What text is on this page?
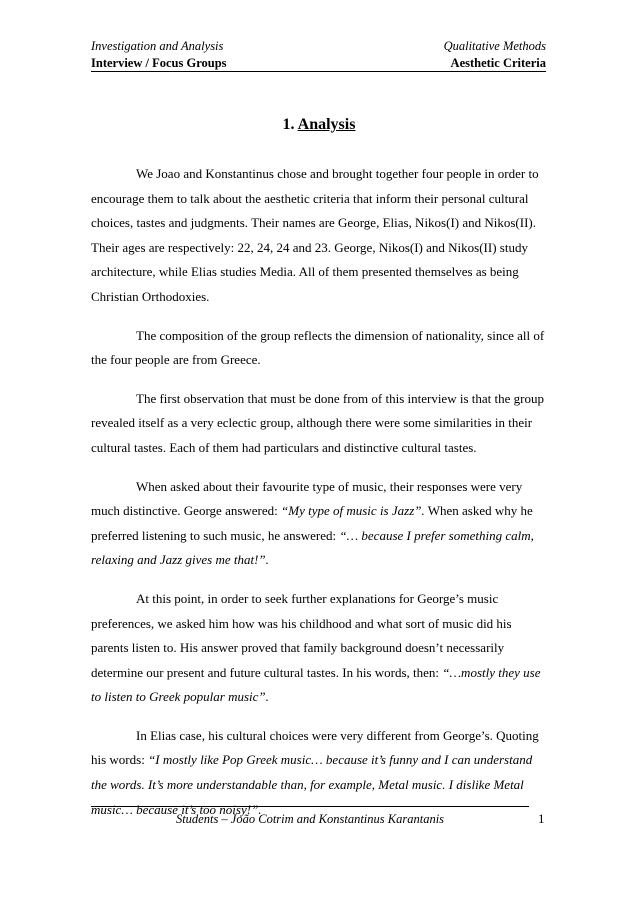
Investigation and Analysis	Qualitative Methods
Interview / Focus Groups	Aesthetic Criteria
1. Analysis

We Joao and Konstantinus chose and brought together four people in order to encourage them to talk about the aesthetic criteria that inform their personal cultural choices, tastes and judgments. Their names are George, Elias, Nikos(I) and Nikos(II). Their ages are respectively: 22, 24, 24 and 23. George, Nikos(I) and Nikos(II) study architecture, while Elias studies Media. All of them presented themselves as being Christian Orthodoxies.

The composition of the group reflects the dimension of nationality, since all of the four people are from Greece.

The first observation that must be done from of this interview is that the group revealed itself as a very eclectic group, although there were some similarities in their cultural tastes. Each of them had particulars and distinctive cultural tastes.

When asked about their favourite type of music, their responses were very much distinctive. George answered: “My type of music is Jazz”. When asked why he preferred listening to such music, he answered: “… because I prefer something calm, relaxing and Jazz gives me that!”.

At this point, in order to seek further explanations for George’s music preferences, we asked him how was his childhood and what sort of music did his parents listen to. His answer proved that family background doesn’t necessarily determine our present and future cultural tastes. In his words, then: “…mostly they use to listen to Greek popular music”.

In Elias case, his cultural choices were very different from George’s. Quoting his words: “I mostly like Pop Greek music… because it’s funny and I can understand the words. It’s more understandable than, for example, Metal music. I dislike Metal music… because it’s too noisy!”.

Students – João Cotrim and Konstantinus Karantanis	1
